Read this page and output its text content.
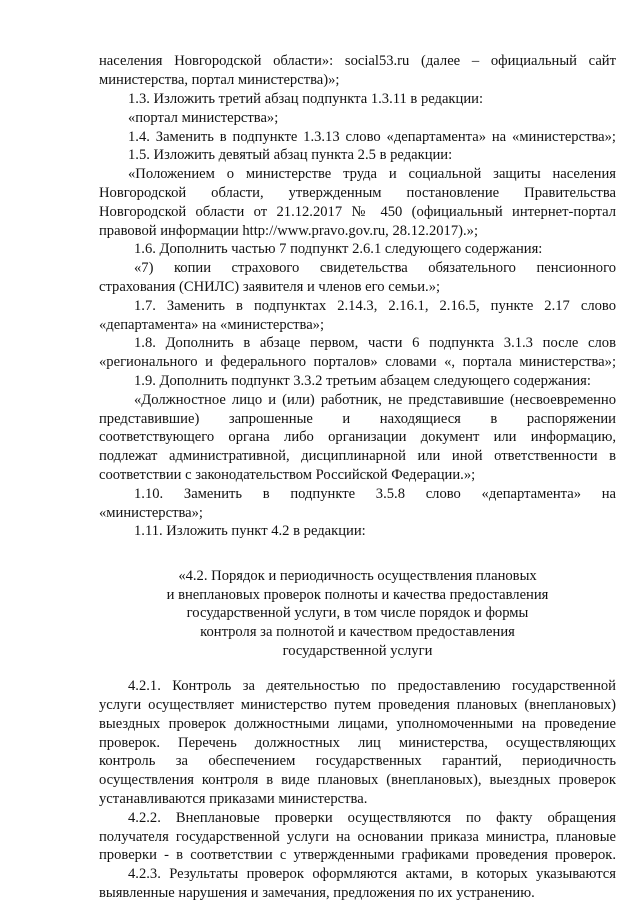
населения Новгородской области»: social53.ru (далее – официальный сайт
министерства, портал министерства)»;
1.3. Изложить третий абзац подпункта 1.3.11 в редакции:
«портал министерства»;
1.4. Заменить в подпункте 1.3.13 слово «департамента» на «министерства»;
1.5. Изложить девятый абзац пункта 2.5 в редакции:
«Положением о министерстве труда и социальной защиты населения
Новгородской области, утвержденным постановление Правительства
Новгородской области от 21.12.2017 № 450 (официальный интернет-портал
правовой информации http://www.pravo.gov.ru, 28.12.2017).»;
1.6. Дополнить частью 7 подпункт 2.6.1 следующего содержания:
«7) копии страхового свидетельства обязательного пенсионного
страхования (СНИЛС) заявителя и членов его семьи.»;
1.7. Заменить в подпунктах 2.14.3, 2.16.1, 2.16.5, пункте 2.17 слово
«департамента» на «министерства»;
1.8. Дополнить в абзаце первом, части 6 подпункта 3.1.3 после слов
«регионального и федерального порталов» словами «, портала министерства»;
1.9. Дополнить подпункт 3.3.2 третьим абзацем следующего содержания:
«Должностное лицо и (или) работник, не представившие (несвоевременно
представившие) запрошенные и находящиеся в распоряжении
соответствующего органа либо организации документ или информацию,
подлежат административной, дисциплинарной или иной ответственности в
соответствии с законодательством Российской Федерации.»;
1.10. Заменить в подпункте 3.5.8 слово «департамента» на
«министерства»;
1.11. Изложить пункт 4.2 в редакции:
«4.2. Порядок и периодичность осуществления плановых
и внеплановых проверок полноты и качества предоставления
государственной услуги, в том числе порядок и формы
контроля за полнотой и качеством предоставления
государственной услуги
4.2.1. Контроль за деятельностью по предоставлению государственной
услуги осуществляет министерство путем проведения плановых (внеплановых)
выездных проверок должностными лицами, уполномоченными на проведение
проверок. Перечень должностных лиц министерства, осуществляющих
контроль за обеспечением государственных гарантий, периодичность
осуществления контроля в виде плановых (внеплановых), выездных проверок
устанавливаются приказами министерства.
4.2.2. Внеплановые проверки осуществляются по факту обращения
получателя государственной услуги на основании приказа министра, плановые
проверки - в соответствии с утвержденными графиками проведения проверок.
4.2.3. Результаты проверок оформляются актами, в которых указываются
выявленные нарушения и замечания, предложения по их устранению.
